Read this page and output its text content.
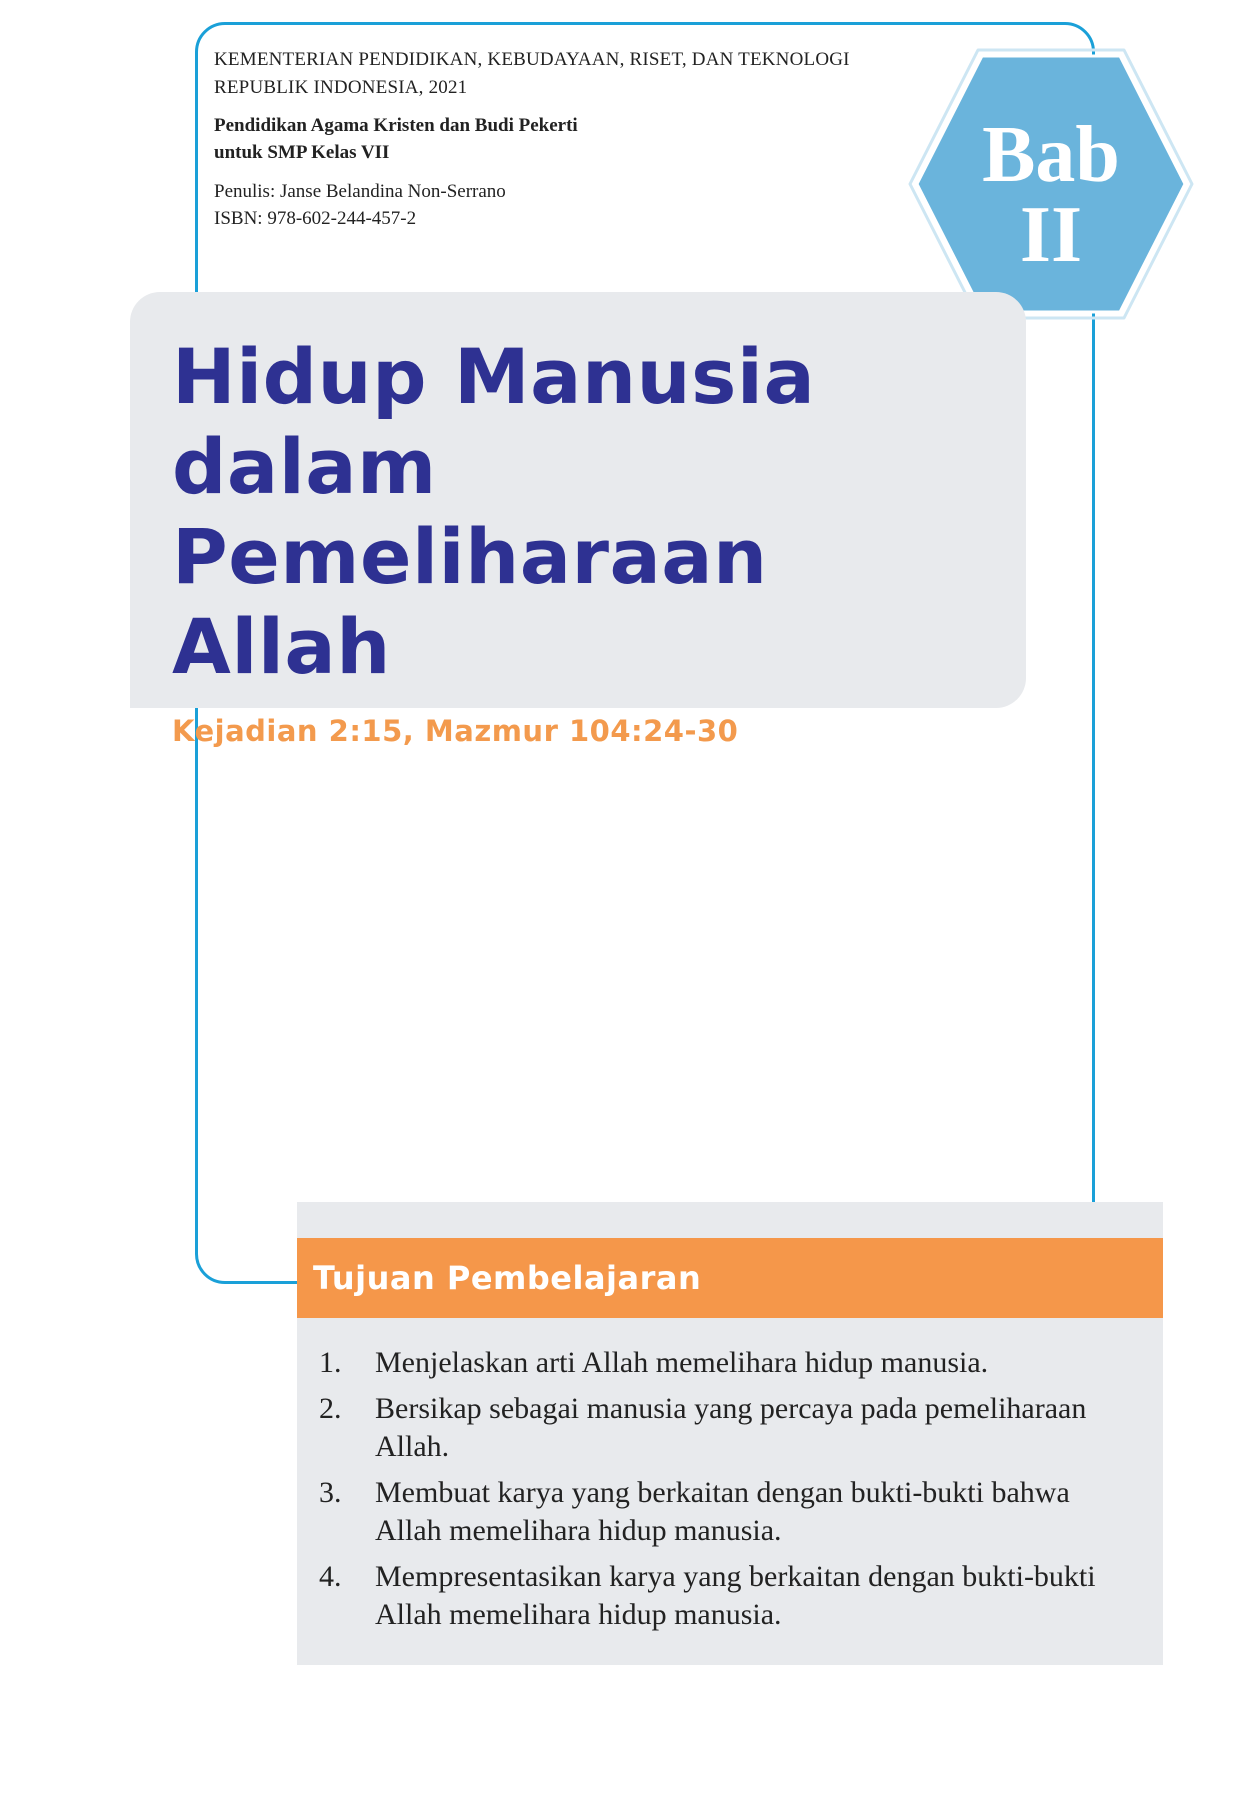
KEMENTERIAN PENDIDIKAN, KEBUDAYAAN, RISET, DAN TEKNOLOGI
REPUBLIK INDONESIA, 2021
Pendidikan Agama Kristen dan Budi Pekerti
untuk SMP Kelas VII
Penulis: Janse Belandina Non-Serrano
ISBN: 978-602-244-457-2
Bab
II
Hidup Manusia
dalam Pemeliharaan
Allah
Kejadian 2:15, Mazmur 104:24-30
Tujuan Pembelajaran
1.	Menjelaskan arti Allah memelihara hidup manusia.
2.	Bersikap sebagai manusia yang percaya pada pemeliharaan Allah.
3.	Membuat karya yang berkaitan dengan bukti-bukti bahwa Allah memelihara hidup manusia.
4.	Mempresentasikan karya yang berkaitan dengan bukti-bukti Allah memelihara hidup manusia.
